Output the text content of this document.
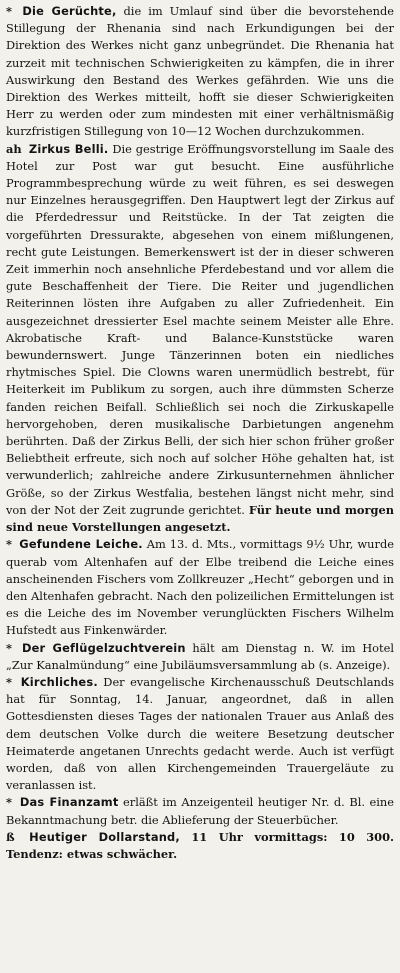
* Die Gerüchte, die im Umlauf sind über die bevorstehende Stillegung der Rhenania sind nach Erkundigungen bei der Direktion des Werkes nicht ganz unbegründet. Die Rhenania hat zurzeit mit technischen Schwierigkeiten zu kämpfen, die in ihrer Auswirkung den Bestand des Werkes gefährden. Wie uns die Direktion des Werkes mitteilt, hofft sie dieser Schwierigkeiten Herr zu werden oder zum mindesten mit einer verhältnismäßig kurzfristigen Stillegung von 10—12 Wochen durchzukommen.

ah Zirkus Belli. Die gestrige Eröffnungsvorstellung im Saale des Hotel zur Post war gut besucht. Eine ausführliche Programmbesprechung würde zu weit führen, es sei deswegen nur Einzelnes herausgegriffen. Den Hauptwert legt der Zirkus auf die Pferdedressur und Reitstücke. In der Tat zeigten die vorgeführten Dressurakte, abgesehen von einem mißlungenen, recht gute Leistungen. Bemerkenswert ist der in dieser schweren Zeit immerhin noch ansehnliche Pferdebestand und vor allem die gute Beschaffenheit der Tiere. Die Reiter und jugendlichen Reiterinnen lösten ihre Aufgaben zu aller Zufriedenheit. Ein ausgezeichnet dressierter Esel machte seinem Meister alle Ehre. Akrobatische Kraft- und Balance-Kunststücke waren bewundernswert. Junge Tänzerinnen boten ein niedliches rhytmisches Spiel. Die Clowns waren unermüdlich bestrebt, für Heiterkeit im Publikum zu sorgen, auch ihre dümmsten Scherze fanden reichen Beifall. Schließlich sei noch die Zirkuskapelle hervorgehoben, deren musikalische Darbietungen angenehm berührten. Daß der Zirkus Belli, der sich hier schon früher großer Beliebtheit erfreute, sich noch auf solcher Höhe gehalten hat, ist verwunderlich; zahlreiche andere Zirkusunternehmen ähnlicher Größe, so der Zirkus Westfalia, bestehen längst nicht mehr, sind von der Not der Zeit zugrunde gerichtet. Für heute und morgen sind neue Vorstellungen angesetzt.

* Gefundene Leiche. Am 13. d. Mts., vormittags 9½ Uhr, wurde querab vom Altenhafen auf der Elbe treibend die Leiche eines anscheinenden Fischers vom Zollkreuzer „Hecht“ geborgen und in den Altenhafen gebracht. Nach den polizeilichen Ermittelungen ist es die Leiche des im November verunglückten Fischers Wilhelm Hufstedt aus Finkenwärder.

* Der Geflügelzuchtverein hält am Dienstag n. W. im Hotel „Zur Kanalmündung“ eine Jubiläumsversammlung ab (s. Anzeige).

* Kirchliches. Der evangelische Kirchenausschuß Deutschlands hat für Sonntag, 14. Januar, angeordnet, daß in allen Gottesdiensten dieses Tages der nationalen Trauer aus Anlaß des dem deutschen Volke durch die weitere Besetzung deutscher Heimaterde angetanen Unrechts gedacht werde. Auch ist verfügt worden, daß von allen Kirchengemeinden Trauergeläute zu veranlassen ist.

* Das Finanzamt erläßt im Anzeigenteil heutiger Nr. d. Bl. eine Bekanntmachung betr. die Ablieferung der Steuerbücher.

ß Heutiger Dollarstand, 11 Uhr vormittags: 10 300. Tendenz: etwas schwächer.
